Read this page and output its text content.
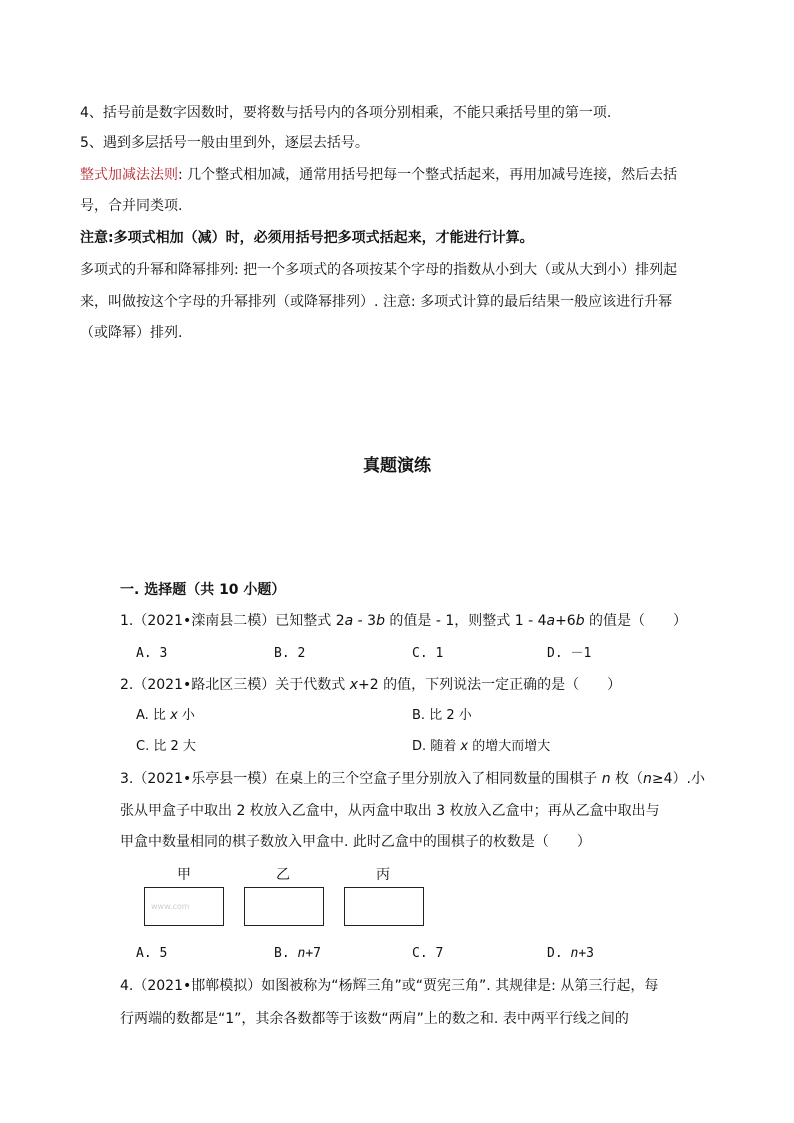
4、括号前是数字因数时，要将数与括号内的各项分别相乘，不能只乘括号里的第一项.
5、遇到多层括号一般由里到外，逐层去括号。
整式加减法法则: 几个整式相加减，通常用括号把每一个整式括起来，再用加减号连接，然后去括
号，合并同类项.
注意:多项式相加（减）时，必须用括号把多项式括起来，才能进行计算。
多项式的升幂和降幂排列: 把一个多项式的各项按某个字母的指数从小到大（或从大到小）排列起
来，叫做按这个字母的升幂排列（或降幂排列）. 注意: 多项式计算的最后结果一般应该进行升幂
（或降幂）排列.
真题演练
一. 选择题（共 10 小题）
1.（2021•滦南县二模）已知整式 2a - 3b 的值是 - 1，则整式 1 - 4a+6b 的值是（　　）
A. 3	B. 2	C. 1	D. －1
2.（2021•路北区三模）关于代数式 x+2 的值，下列说法一定正确的是（　　）
A. 比 x 小	B. 比 2 小
C. 比 2 大	D. 随着 x 的增大而增大
3.（2021•乐亭县一模）在桌上的三个空盒子里分别放入了相同数量的围棋子 n 枚（n≥4）.小
张从甲盒子中取出 2 枚放入乙盒中，从丙盒中取出 3 枚放入乙盒中；再从乙盒中取出与
甲盒中数量相同的棋子数放入甲盒中. 此时乙盒中的围棋子的枚数是（　　）
甲	乙	丙
www.com
A. 5	B. n+7	C. 7	D. n+3
4.（2021•邯郸模拟）如图被称为“杨辉三角”或“贾宪三角”. 其规律是: 从第三行起，每
行两端的数都是“1”，其余各数都等于该数“两肩”上的数之和. 表中两平行线之间的
